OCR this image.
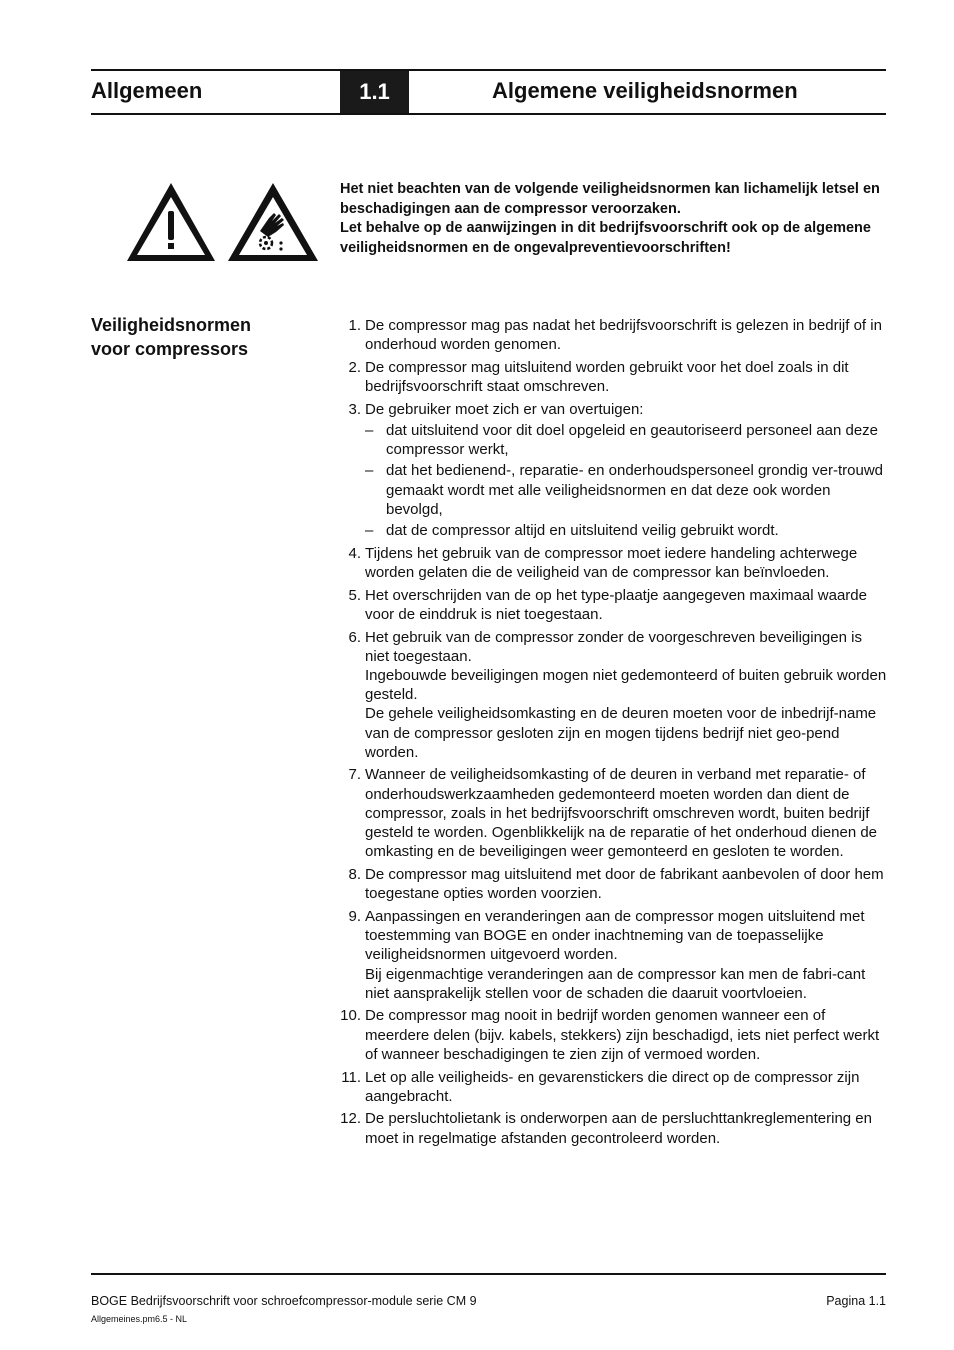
Allgemeen	1.1	Algemene veiligheidsnormen

Het niet beachten van de volgende veiligheidsnormen kan lichamelijk letsel en beschadigingen aan de compressor veroorzaken.

Let behalve op de aanwijzingen in dit bedrijfsvoorschrift ook op de algemene veiligheidsnormen en de ongevalpreventievoorschriften!

Veiligheidsnormen
voor compressors
1. De compressor mag pas nadat het bedrijfsvoorschrift is gelezen in bedrijf of in onderhoud worden genomen.
2. De compressor mag uitsluitend worden gebruikt voor het doel zoals in dit bedrijfsvoorschrift staat omschreven.
3. De gebruiker moet zich er van overtuigen:
– dat uitsluitend voor dit doel opgeleid en geautoriseerd personeel aan deze compressor werkt,
– dat het bedienend-, reparatie- en onderhoudspersoneel grondig ver-trouwd gemaakt wordt met alle veiligheidsnormen en dat deze ook worden bevolgd,
– dat de compressor altijd en uitsluitend veilig gebruikt wordt.
4. Tijdens het gebruik van de compressor moet iedere handeling achterwege worden gelaten die de veiligheid van de compressor kan beïnvloeden.
5. Het overschrijden van de op het type-plaatje aangegeven maximaal waarde voor de einddruk is niet toegestaan.
6. Het gebruik van de compressor zonder de voorgeschreven beveiligingen is niet toegestaan.
Ingebouwde beveiligingen mogen niet gedemonteerd of buiten gebruik worden gesteld.
De gehele veiligheidsomkasting en de deuren moeten voor de inbedrijf-name van de compressor gesloten zijn en mogen tijdens bedrijf niet geo-pend worden.
7. Wanneer de veiligheidsomkasting of de deuren in verband met reparatie- of onderhoudswerkzaamheden gedemonteerd moeten worden dan dient de compressor, zoals in het bedrijfsvoorschrift omschreven wordt, buiten bedrijf gesteld te worden. Ogenblikkelijk na de reparatie of het onderhoud dienen de omkasting en de beveiligingen weer gemonteerd en gesloten te worden.
8. De compressor mag uitsluitend met door de fabrikant aanbevolen of door hem toegestane opties worden voorzien.
9. Aanpassingen en veranderingen aan de compressor mogen uitsluitend met toestemming van BOGE en onder inachtneming van de toepasselijke veiligheidsnormen uitgevoerd worden.
Bij eigenmachtige veranderingen aan de compressor kan men de fabri-cant niet aansprakelijk stellen voor de schaden die daaruit voortvloeien.
10. De compressor mag nooit in bedrijf worden genomen wanneer een of meerdere delen (bijv. kabels, stekkers) zijn beschadigd, iets niet perfect werkt of wanneer beschadigingen te zien zijn of vermoed worden.
11. Let op alle veiligheids- en gevarenstickers die direct op de compressor zijn aangebracht.
12. De persluchtolietank is onderworpen aan de persluchttankreglementering en moet in regelmatige afstanden gecontroleerd worden.
BOGE Bedrijfsvoorschrift voor schroefcompressor-module serie CM 9	Pagina 1.1
Allgemeines.pm6.5 - NL
